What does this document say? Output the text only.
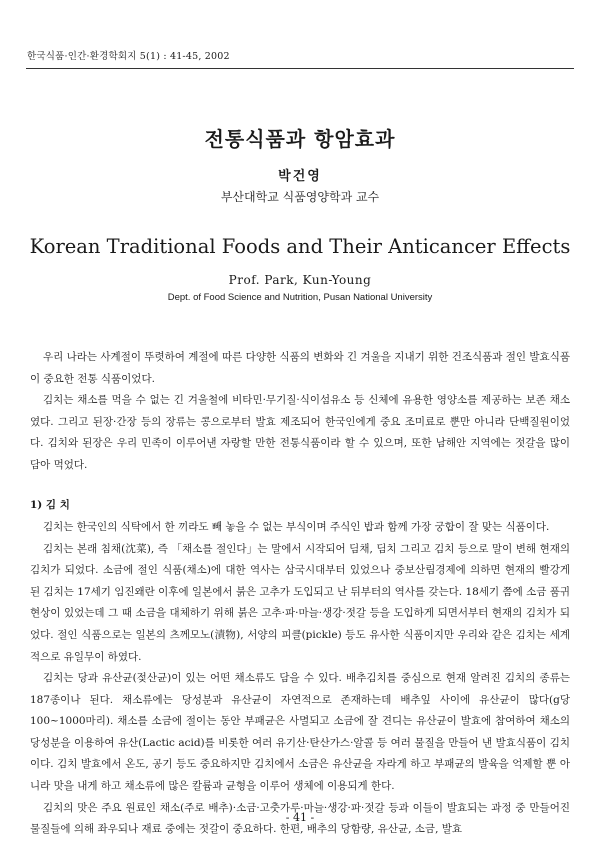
한국식품·인간·환경학회지 5(1) : 41-45, 2002
전통식품과 항암효과
박건영
부산대학교 식품영양학과 교수
Korean Traditional Foods and Their Anticancer Effects
Prof. Park, Kun-Young
Dept. of Food Science and Nutrition, Pusan National University

우리 나라는 사계절이 뚜렷하여 계절에 따른 다양한 식품의 변화와 긴 겨울을 지내기 위한 건조식품과 절인 발효식품이 중요한 전통 식품이었다.

김치는 채소를 먹을 수 없는 긴 겨울철에 비타민·무기질·식이섬유소 등 신체에 유용한 영양소를 제공하는 보존 채소였다. 그리고 된장·간장 등의 장류는 콩으로부터 발효 제조되어 한국인에게 중요 조미료로 뿐만 아니라 단백질원이었다. 김치와 된장은 우리 민족이 이루어낸 자랑할 만한 전통식품이라 할 수 있으며, 또한 남해안 지역에는 젓갈을 많이 담아 먹었다.

1) 김 치

김치는 한국인의 식탁에서 한 끼라도 빼 놓을 수 없는 부식이며 주식인 밥과 함께 가장 궁합이 잘 맞는 식품이다.

김치는 본래 침채(沈菜), 즉 「채소를 절인다」는 말에서 시작되어 딤채, 딤치 그리고 김치 등으로 말이 변해 현재의 김치가 되었다. 소금에 절인 식품(채소)에 대한 역사는 삼국시대부터 있었으나 중보산림경제에 의하면 현재의 빨강게 된 김치는 17세기 임진왜란 이후에 일본에서 붉은 고추가 도입되고 난 뒤부터의 역사를 갖는다. 18세기 쯤에 소금 품귀현상이 있었는데 그 때 소금을 대체하기 위해 붉은 고추·파·마늘·생강·젓갈 등을 도입하게 되면서부터 현재의 김치가 되었다. 절인 식품으로는 일본의 츠께모노(漬物), 서양의 피클(pickle) 등도 유사한 식품이지만 우리와 같은 김치는 세계적으로 유일무이 하였다.

김치는 당과 유산균(젖산균)이 있는 어떤 채소류도 담을 수 있다. 배추김치를 중심으로 현재 알려진 김치의 종류는 187종이나 된다. 채소류에는 당성분과 유산균이 자연적으로 존재하는데 배추잎 사이에 유산균이 많다(g당 100~1000마리). 채소를 소금에 절이는 동안 부패균은 사멸되고 소금에 잘 견디는 유산균이 발효에 참여하여 채소의 당성분을 이용하여 유산(Lactic acid)를 비롯한 여러 유기산·탄산가스·알콜 등 여러 물질을 만들어 낸 발효식품이 김치이다. 김치 발효에서 온도, 공기 등도 중요하지만 김치에서 소금은 유산균을 자라게 하고 부패균의 발육을 억제할 뿐 아니라 맛을 내게 하고 채소류에 많은 칼륨과 균형을 이루어 생체에 이용되게 한다.

김치의 맛은 주요 원료인 채소(주로 배추)·소금·고춧가루·마늘·생강·파·젓갈 등과 이들이 발효되는 과정 중 만들어진 물질들에 의해 좌우되나 재료 중에는 젓갈이 중요하다. 한편, 배추의 당함량, 유산균, 소금, 발효

- 41 -
